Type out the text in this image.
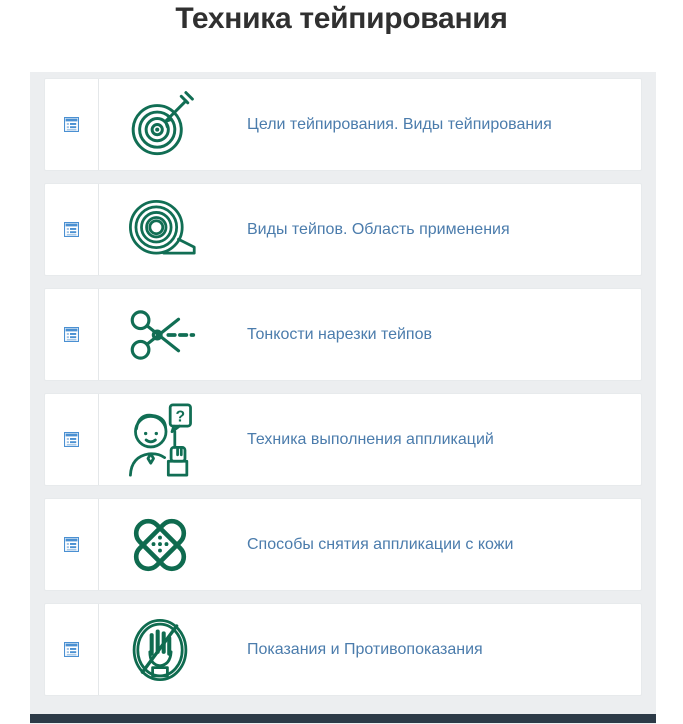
Техника тейпирования
Цели тейпирования. Виды тейпирования
Виды тейпов. Область применения
Тонкости нарезки тейпов
?
Техника выполнения аппликаций
Способы снятия аппликации с кожи
Показания и Противопоказания
